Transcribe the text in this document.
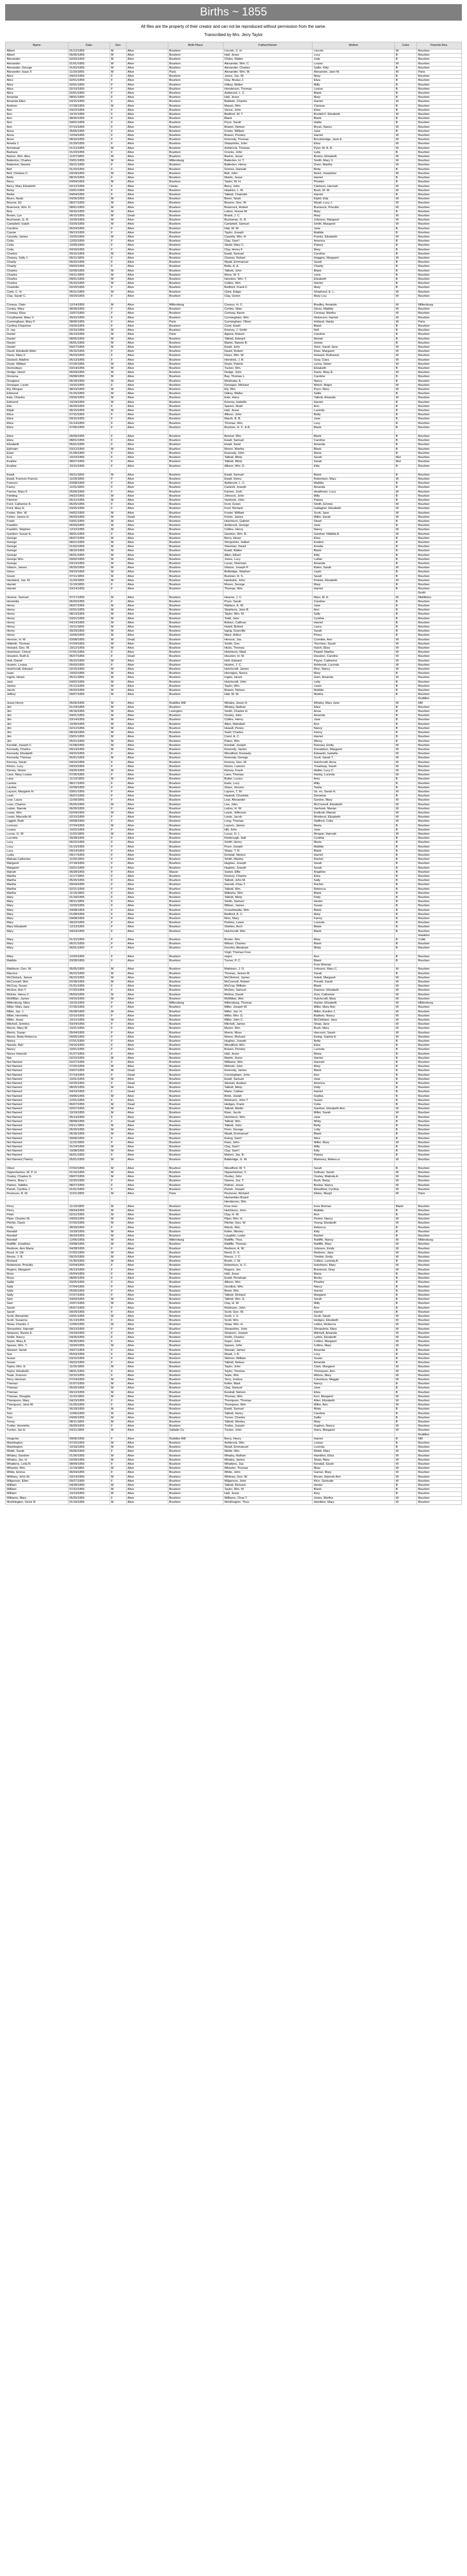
Births ~ 1855
All files are the property of their creator and can not be reproduced without permission from the same.
Transcribed by Mrs. Jerry Taylor
Name	Date	Sex		Birth Place	Father/Owner	Mother	Color	Parents Res.
Albert	01/12/1855	M	Alive	Bourbon	Lincoln, C. H.	Lincoln	W	Bourbon
Albert	05/05/1855	M	Alive	Bourbon	Hall, Jesse	Lucy	B	Bourbon
Alexander	02/03/1855	M	Alive	Bourbon	Chiles, Walter	Judy	B	Bourbon
Alexander	01/01/1855	M	Alive	Bourbon	Alexander, Wm. C.	Louise	W	Bourbon
Alexander, George	01/02/1855	M	Alive	Bourbon	Alexander, Charles	Sallie, Kitty	B	Bourbon
Alexander, Isaac F.	11/20/1855	M	Alive	Paris	Alexander, Wm. W.	Alexander, Jane M.	W	Paris
Alice	04/22/1855	F	Alive	Bourbon	Jones, Jas. W.	Mary	B	Bourbon
Alice	02/01/1855	F	Alive	Bourbon	Clay, Brutus J.	Eliza	B	Bourbon
Alice	02/01/1855	F	Alive	Bourbon	Gilkey, Walter	Milly	B	Bourbon
Alice	02/10/1855	F	Alive	Bourbon	Henderson, Thomas	Louisa	B	Bourbon
Alice	02/01/1855	F	Alive	Bourbon	Ashbrook, L. C.	Blank	B	Bourbon
Amanda	08/01/1855	F	Alive	Bourbon	Hall, Jesse	Mary	B	Bourbon
Amanda Ellen	03/15/1855	F	Alive	Bourbon	Baldwin, Charles	Harriet	W	Bourbon
Andrew	07/28/1855	M	Alive	Bourbon	Mason, Wm.	Clarissa	B	Bourbon
Ann	03/22/1855	F	Alive	Bourbon	Vance, John	Eliza	B	Bourbon
Ann	10/15/1855	F	Alive	Bourbon	Bedford, W. T.	Burdett F. Elizabeth	W	Bourbon
Ann	08/30/1855	F	Alive	Bourbon	Blank	Blank	B	Bourbon
Ann	04/01/1855	F	Alive	Bourbon	Pryor, Sarah	Hattie	B	Bourbon
Ann	07/13/1855	F	Alive	Bourbon	Bowen, Nelson	Bryan, Nancy	W	Bourbon
Anna	05/06/1855	F	Alive	Bourbon	Foster, William	Jane	B	Bourbon
Anna	12/04/1855	F	Alive	Bourbon	Bowen, Presley	Harriet	W	Bourbon
Anne	08/16/1855	F	Alive	Bourbon	Kennedy, Thomas	Brockinridge, Jane E.	W	Bourbon
Amelia J.	01/29/1855	F	Alive	Bourbon	Sharpshire, John	Eliza	W	Bourbon
Armstead	01/12/1855	M	Alive	Bourbon	Ashbrook, Thomas	Pyler, M. A. B.	W	Bourbon
Barbara	01/23/1855	F	Alive	Bourbon	Crooks, John	Lyda	B	Bourbon
Barton, Wm. Alex.	11/07/1855	M	Alive	Bourbon	Barton, Jesse	Burton, Elizabeth	W	Bourbon
Batterton, Charles	03/01/1855	M	Alive	Millersburg	Batterton, H. T.	Smith, Mary V.	W	Bourbon
Batterton, Nannie	09/21/1855	F	Alive	Bourbon	Batterton, Henry	Dunn, Martha	W	Bourbon
Bell	01/23/1855	F	Alive	Bourbon	Grimes, Hannah	Betty	B	Bourbon
Bell, Chelsea C.	03/18/1855	M	Alive	Bourbon	Bell, John	Reed, Josephine	W	Bourbon
Belle	08/15/1855	F	Alive	Bourbon	Martin, Jesse	Harriet	B	Bourbon
Berry	04/04/1855	M	Alive	Bourbon	Taylor, W. H.	Phoebe	B	Bourbon
Berry, Mary Elizabeth	02/12/1855	F	Alive	Clarke	Berry, John	Clarkson, Hannah	W	Bourbon
Betsy	03/01/1855	F	Alive	Bourbon	Hopkins, L. M.	Bush, M. W.	W	Bourbon
Bettie	04/04/1855	F	Alive	Bourbon	Talbott, Charlotte	Harriet	B	Bourbon
Biven, Noah	04/26/1855	M	Alive	Bourbon	Biven, Noah	Kiphil, Eda	W	Bourbon
Bourne, Eli	08/27/1855	M	Alive	Bourbon	Bourne, Geo. W.	Wyatt, Lucy J.	W	Bourbon
Brannock, Wm. D.	08/01/1855	M	Alive	Bourbon	Brannock, Robert	Brannock, Priscilla	W	Bourbon
Bria	09/16/1855	M	Alive	Bourbon	Letton, Hosea W.	Mary	B	Bourbon
Brown, Lyn	06/15/1855	M	Dead	Bourbon	Brand, J. C.	Mary	W	Bourbon
Buchanan, G. R.	10/29/1855	M	Alive	Bourbon	Buchanan, G. R.	Johnson, Margaret	W	Bourbon
Campbell, Isaiah	03/25/1855	M	Alive	Bourbon	Campbell, Samuel	Smith, Margaret	W	Bourbon
Caroline	06/24/1855	F	Alive	Bourbon	Hall, W. W.	Jane	B	Bourbon
Cassie	09/13/1855	F	Alive	Bourbon	Taylor, Joseph	Matilda	B	Bourbon
Cassidy, James	10/25/1855	M	Alive	Bourbon	Cassidy, Wm. H.	Franks, Elizabeth	W	Bourbon
Celia	12/02/1855	F	Alive	Bourbon	Clay, Sam'l	America	B	Bourbon
Celia	10/05/1855	F	Alive	Bourbon	Sledd, Mary C.	Patsey	B	Bourbon
Celia	04/18/1855	F	Alive	Bourbon	Clay, Henry F.	Mary	B	Bourbon
Charles	09/15/1855	M	Alive	Bourbon	Ewalt, Samuel	Caroline	B	Bourbon
Chaney, Sally J.	06/11/1855	F	Alive	Bourbon	Chaney, Robert	Hoggins, Margaret	W	Bourbon
Charity	06/02/1855	F	Alive	Bourbon	Wyatt, Emmanuel	Sarah	B	Bourbon
Charity	09/02/1855	F	Alive	Bourbon	Betts, A. A.	Charity	B	Bourbon
Charles	02/09/1855	M	Alive	Bourbon	Talbott, John	Blank	B	Bourbon
Charles	04/11/1855	M	Alive	Bourbon	Moss, W. F.	Lena	B	Bourbon
Charles	09/01/1855	M	Alive	Bourbon	Hemdon, Wm. T.	Elizabeth	B	Bourbon
Charles	05/16/1855	M	Alive	Bourbon	Collins, Wm.	Harriet	B	Bourbon
Charlotte	02/20/1855	F	Alive	Bourbon	Bedford, Frank F.	Mary	B	Bourbon
Clark, C. H.	06/21/1855	M	Alive	Bourbon	Clark, Edgar	Shepherd, E. L.	W	Bourbon
Clay, Sarah C.	09/20/1855	F	Alive	Bourbon	Clay, Green	Mary Lou	W	Bourbon

Coneys, Owin	12/14/1855	M	Alive	Millersburg	Coneys, H. C.	Bradley, Amanda	W	Millersburg
Conley, Mary	08/28/1855	F	Alive	Bourbon	Conley, Silas	Gines, Matilda	W	Bourbon
Conway, Eliza	10/07/1855	F	Alive	Bourbon	Conway, Aaron	Conway, Martha	W	Bourbon
Crouthamel, Mary V.	09/15/1855	F	Alive	Bourbon	Cunningham, Wm.	Hickerson, Harriet	W	Bourbon
Cunningham, Mary F.	08/06/1855	F	Alive	Paris	Cunningham, Oliver	Holland, Hardy	W	Paris
Cynthia Chapmon	03/26/1855	F	Alive	Bourbon	Cook, Ewell	Blank	B	Bourbon
D. org	02/16/1855	M	Alive	Bourbon	Keeney, J. Smith	Nell	B	Bourbon
Daniel	05/13/1855	M	Alive	Paris	Agnew, Robert	Caroline	B	Bourbon
Daniel	08/06/1855	M	Alive	Bourbon	Talbott, Edward	Mariah	B	Bourbon
Daniel	06/01/1855	M	Alive	Bourbon	Martin, Nannie B.	Jennie	B	Bourbon
Daniel	09/27/1855	M	Alive	Bourbon	Ewalt, John	Sims, Sarah Jane	W	Bourbon
David, Elizabeth Ellen	05/16/1855	F	Alive	Bourbon	David, Robert	Kiser, Margaret	W	Bourbon
Davis, Mary F.	05/23/1855	F	Alive	Bourbon	Davis, Wm. W.	Howard, Ruthanna	W	Bourbon
Daviezil, Adaline	05/13/1855	F	Alive	Bourbon	Hendrick, J. B.	Gray, Clara	W	Bourbon
Doyle, William	07/26/1855	M	Alive	Bourbon	Doyle, Patrick	Lyons, Helen	W	Bourbon
Dennoitayo	03/14/1855	M	Alive	Bourbon	Tucker, Wm.	Elizabeth	B	Bourbon
Dodge, Hemn	05/04/1855	M	Alive	Bourbon	Dodge, John	Davis, Mary A.	W	Bourbon
Dorsena	09/08/1855	M	Alive	Bourbon	Bay, Thomas L.	Caroline	B	Bourbon
Douglass	06/18/1855	M	Alive	Bourbon	Mclehaby, A.	Nancy	B	Bourbon
Donegan, Lizzie	10/16/1855	F	Alive	Bourbon	Donegan, Michael	Welch, Briget	W	Bourbon
Ely, Morgan	08/19/1855	M	Alive	Bourbon	Ely, Wm.	Pryor, Mary	W	Bourbon
Edmund	01/15/1855	M	Alive	Bourbon	Gilkey, Walter	Sallie	B	Bourbon
Eals, Charles	03/26/1855	M	Alive	Bourbon	Eals, Harry	Talbott, Amanda	W	Bourbon
Edmund	10/24/1855	M	Alive	Bourbon	Kenney, Isabella	Harriet	B	Bourbon
Elia	06/20/1855	F	Alive	Bourbon	Spears, Noah	Ann	B	Bourbon
Elijah	06/15/1855	M	Alive	Bourbon	Hall, Jesse	Lucinda	B	Bourbon
Eliza	07/15/1855	F	Alive	Bourbon	Allison, John	Betty	B	Bourbon
Eliza	09/15/1855	F	Alive	Bourbon	Marsh, B. B.	Jane	B	Bourbon
Eliza	01/14/1855	F	Alive	Bourbon	Thomas, Wm.	Lucy	B	Bourbon
Eliza	07/06/1855	F	Alive	Bourbon	Buckner, H. C. & B.	Blank	B	Bourbon

Eliza	06/09/1855	F	Alive	Bourbon	Bennet, Wm.	Blank	B	Bourbon
Eliza	08/01/1855	F	Alive	Bourbon	Ewalt, Samuel	Caroline	B	Bourbon
Elizabeth	05/01/1855	F	Alive	Bourbon	Ewalt, Sand	Amanda	B	Bourbon
Ephraim	03/12/1855	M	Alive	Bourbon	Moore, Martha	Blank	B	Bourbon
Ester	01/28/1855	F	Alive	Bourbon	Kennedy, John	Maria	B	Bourbon
Eva	10/23/1855	F	Alive	Bourbon	Talbott, Minty	Sarah	Mul	Bourbon
Evaline	08/07/1855	F	Alive	Bourbon	Talbott, Minty	Sarah	Mul	Bourbon
Evaline	10/16/1855	F	Alive	Bourbon	Allison, Wm. D.	Kitty	B	Bourbon

Ewalt	09/11/1855	M	Alive	Bourbon	Ewalt, Samuel	Blank	B	Bourbon
Ewalt, Frances Francis	11/09/1855	F	Alive	Bourbon	Ewalt, Henry	Robertson, Mary	W	Bourbon
Frances	03/08/1855	F	Alive	Bourbon	Ashbrook, L. C.	Matilda	B	Bourbon
Fanny	11/01/1855	F	Alive	Bourbon	Cantrell, Joseph	Amanda	B	Bourbon
Farmer, Mary F.	05/06/1855	F	Alive	Bourbon	Farmer, Josh	Heathman, Lucy	W	Bourbon
Fielding	04/22/1855	M	Alive	Bourbon	Johnson, John	Milly	B	Bourbon
Fletcher	05/12/1855	M	Alive	Bourbon	Vanhook, John	Patsey	B	Bourbon
Ford, Catherine K.	06/25/1855	F	Alive	Bourbon	Ford, Green	Smith, Emmie	W	Bourbon
Ford, Mary E.	03/25/1855	F	Alive	Bourbon	Ford, Richard	Gallagher, Elizabeth	W	Bourbon
Foster, Wm. W.	04/02/1855	M	Alive	Bourbon	Foster, William	Scott, Jane	W	Bourbon
Fisher, James H.	06/03/1855	M	Dead	Bourbon	Fisher, James	Miller, Sarah	W	Bourbon
Frank	03/01/1855	M	Alive	Bourbon	Hutchison, Gabriel	Dinah	B	Bourbon
Franklin	06/09/1855	M	Alive	Bourbon	Ashbrook, George	Jane	B	Bourbon
Franklin, Stephen	12/10/1855	M	Alive	Bourbon	Collins, Henry	Nancy	W	Bourbon
Gardner, Susan E.	08/01/1855	F	Alive	Bourbon	Gardner, Wm. B.	Gardner, Matilda A.	W	Bourbon
George	06/07/1855	M	Alive	Bourbon	Berry, Hiram	Eliza	B	Bourbon
George	08/21/1855	M	Alive	Bourbon	Shropshire, Hulbel	Evaline	B	Bourbon
George	01/02/1855	M	Alive	Bourbon	Sheehan, David	Emelia	B	Bourbon
George	08/16/1855	M	Alive	Bourbon	Ewalt, Walter	Blank	B	Bourbon
George	06/01/1855	M	Alive	Bourbon	Allen, Elbert	Kitty	B	Bourbon
George Wm.	09/02/1855	M	Alive	Bourbon	Jones, Lucy	Luther	B	Bourbon
George	03/13/1855	M	Alive	Bourbon	Lucas, Sherman	Amanda	B	Bourbon
Gibson, James	06/29/1855	M	Alive	Bourbon	Gibson, Joseph P.	Bates, Sarah	W	Bourbon
Gloss	04/19/1855	M	Alive	Bourbon	Betbridge, Stephen	Lieah	B	Bourbon
Green	07/11/1855	M	Alive	Bourbon	Buckner, R. S.	Sarah	B	Bourbon
Hardwick, Jas. M.	11/29/1855	M	Alive	Bourbon	Hardwick, John	Pointer, Elizabeth	W	Bourbon
Harriet	11/19/1855	F	Alive	Bourbon	Moore, George	Mary	B	Bourbon
Harriet	03/14/1855	F	Alive	Bourbon	Thomas, Wm.	Harriet	B	Bourbon
								North
Hearne, Samuel	07/17/1855	M	Alive	Bourbon	Hearne, J. C.	Myer, M. E.	W	Middleton
Henrietta	06/20/1855	F	Alive	Bourbon	Pryor, Sarah	Caroline	B	Bourbon
Henry	06/07/1855	M	Alive	Bourbon	Wallace, A. W.	Jane	B	Bourbon
Henry	02/01/1855	M	Alive	Bourbon	Stephens, Jane B.	Ann	B	Bourbon
Henry	08/13/1855	M	Alive	Bourbon	Taylor, Wm. M.	Sally	B	Bourbon
Henry	03/21/1855	M	Alive	Bourbon	Todd, John	Cynthia	B	Bourbon
Henry	04/14/1855	M	Alive	Bourbon	Bolson, Cathran	Harriet	B	Bourbon
Henry	10/11/1855	M	Alive	Bourbon	Hulett, Buford	Laura	B	Bourbon
Henry	09/29/1855	M	Alive	Bourbon	Isgrig, Granville	Sarah	B	Bourbon
Henry	10/05/1855	M	Alive	Bourbon	Ware, Arthur	Priscy	B	Bourbon
Henson, H. M.	03/08/1855	M	Dead	Bourbon	Henson, Jas.	Crombie, Ann	W	Bourbon
Hildreth, Thomas	07/04/1855	M	Alive	Bourbon	Smith, Geo.	Thornton, Sarah	W	Bourbon
Howard, Geo. W.	10/12/1855	M	Alive	Bourbon	Hicks, Thomas	Hutch, Eliza	W	Bourbon
Hutchison, Cheryl	07/01/1855	F	Alive	Bourbon	Hutchison, Mark	Pawell, Martha	W	Bourbon
Houston, Ruth E.	06/27/1855	F	Dead	Bourbon	Houston, H. M.	Houston, Caroline	W	Bourbon
Holt, Daniel	05/10/1855	M	Alive	Bourbon	Holt, Edward	Payne, Catherine	W	Bourbon
Huston, Louisa	05/03/1855	F	Alive	Bourbon	Huston, J. C.	Ashbrook, Lucinda	W	Bourbon
Hutchcraft, Edward	02/16/1855	M	Alive	Bourbon	Hutchcraft, James	Rice, Nancy	W	Bourbon
Isaac	10/02/1855	M	Alive	Bourbon	Hennigan, Nancy	Mary	B	Bourbon
Ingels, Hiram	05/11/1855	M	Alive	Bourbon	Ingels, Hiram	Grim, Amanda	W	Bourbon
Jack	04/02/1855	M	Alive	Bourbon	Hutchcraft, John	Letty	B	Bourbon
James	01/12/1855	M	Alive	Bourbon	Taylor, Wm.	Lizzie	B	Bourbon
Jacob	06/03/1855	M	Alive	Bourbon	Bowen, Nelson	Matilda	B	Bourbon
Jeffrey	09/07/1855	M	Alive	Bourbon	Hall, W. W.	Martha	B	Bourbon
								Ruddles
Jesse Henry	05/06/1855	M	Alive	Ruddles Mill	Whaley, Jesse H.	Whaley, Mary Jane	W	Mill
Jim	01/24/1855	M	Alive	Bourbon	Whaley, Nathan	Eliza	B	Bourbon
Jim	06/18/1855	M	Alive	Lexington	Smith, Charles H.	Anna	B	Bourbon
Jim	04/01/1855	M	Alive	Bourbon	Ousley, John	Amanda	B	Bourbon
Jim	03/14/1855	M	Alive	Bourbon	Collins, Henry	Jane	B	Bourbon
Jim	10/30/1855	M	Alive	Bourbon	Allen, Mahaliah	Ann	B	Bourbon
Jim	02/12/1855	M	Alive	Bourbon	Howell, Penny	Nancy	B	Bourbon
Jim	08/18/1855	M	Alive	Bourbon	Snell, Charles	Fanny	B	Bourbon
Jim	03/01/1855	M	Alive	Bourbon	Carol, A. C.	Harriet	B	Bourbon
Jim	05/21/1855	M	Alive	Bourbon	Paton, Wm.	Winny	B	Bourbon
Kendall, Joseph C.	01/08/1855	M	Alive	Bourbon	Kendall, Joseph	Ramsey, Emily	W	Bourbon
Kennedy, Charles	09/14/1855	M	Alive	Bourbon	Kennedy, James	Donaldson, Margaret	W	Bourbon
Kennedy, Elizabeth	04/15/1855	F	Alive	Bourbon	Woodford, Kennedy	Edwards, Isabella	W	Bourbon
Kennedy, Thomas	05/01/1855	M	Alive	Bourbon	Kennedy, George	Scott, Sarah T.	W	Bourbon
Kenney, Sarah	04/16/1855	F	Alive	Bourbon	Kenney, Geo. W.	Hutchcraft, Anna	W	Bourbon
Kimes, Lucy	04/23/1855	F	Alive	Bourbon	Kimes, Lawson	Treadway, Sarah	W	Bourbon
Kinney, Simon	04/26/1855	M	Alive	Bourbon	Kinney, Frank	Waller, Lucy C.	W	Bourbon
Lane, Mary Louisa	07/26/1855	F	Alive	Bourbon	Lane, Thomas	Hanby, Lucinda	W	Bourbon
Lane	11/13/1855	M	Alive	Bourbon	Butler, Lucius	Amy	B	Bourbon
Lavinia	08/17/1855	F	Alive	Bourbon	Earle, Lucy	Milly	B	Bourbon
Lavinia	02/28/1855	F	Alive	Bourbon	Glass, Jerome	Tasha	B	Bourbon
Layson, Margaret H.	03/01/1855	F	Alive	Bourbon	Layson, T. M.	Va. en, Sarah H.	W	Bourbon
Leah	05/07/1855	F	Alive	Bourbon	Haskett, Charlotte	Demetria	B	Bourbon
Lear, Laura	11/09/1855	F	Alive	Bourbon	Lear, Alexander	Gordon, Mary	W	Bourbon
Lean, Charles	05/25/1855	M	Alive	Bourbon	Lea, John	McConnell, Elizabeth	W	Bourbon
Letton, Nannie	06/26/1855	F	Alive	Bourbon	Letton, H. W.	Vanhook, Marian	W	Bourbon
Lewis, Wm.	02/04/1855	M	Alive	Bourbon	Lewis, Jefferson	Endicott, Mariah	W	Bourbon
Lewis, Marcella M.	02/10/1855	F	Alive	Bourbon	Lewis, Jacob	Mordecai, Elizabeth	W	Bourbon
Liggett, Ruth	09/08/1855	F	Alive	Bourbon	Long, Thomas	Stafford, Celia	W	Bourbon
Lorenzo	07/24/1855	M	Alive	Bourbon	Layson, James	Maria	B	Bourbon
Louisa	10/22/1855	F	Alive	Bourbon	Hill, John	Jane	B	Bourbon
Lucas, G. W.	11/02/1855	M	Alive	Bourbon	Lucas, G. L.	Morgan, Hannah	W	Bourbon
Lucretia	09/28/1855	F	Alive	Bourbon	Kimbrough, Hall	Cynthia	B	Bourbon
Lucy	06/22/1855	F	Alive	Bourbon	Smith, Henry	Maria	B	Bourbon
Lucy	01/19/1855	F	Alive	Bourbon	Pryor, Joseph	Matilda	B	Bourbon
Lucy	09/14/1855	F	Alive	Bourbon	Sharp, T. R.	Blank	B	Bourbon
Lydia	09/17/1855	F	Alive	Bourbon	Kendall, Nelson	Harriet	B	Bourbon
Mahala Catherine	11/02/1855	F	Alive	Bourbon	Smith, Martha	Rachel	B	Bourbon
Margaret	07/18/1855	F	Alive	Bourbon	Hughes, Joseph	Sarah	B	Bourbon
Margaret	03/21/1855	F	Alive	Bourbon	Hughes, Joseph	Sarah	B	Bourbon
Mariah	06/28/1855	F	Alive	Mason	Sweet, Effie	Angeline	B	Bourbon
Martha	11/17/1855	F	Alive	Bourbon	Kenney, Charles	Eliza	B	Bourbon
Martha	05/26/1855	F	Alive	Bourbon	Talbott, John M.	Sally	B	Bourbon
Martha	09/04/1855	F	Alive	Bourbon	Garrett, Chas T.	Rachel	B	Bourbon
Martha	02/21/1855	F	Alive	Bourbon	Talbott, Wm.	Rebecca	B	Bourbon
Martha	11/15/1855	F	Alive	Bourbon	Williams, Wm.	Blank	B	Bourbon
Mary	01/18/1855	F	Alive	Bourbon	Talbott, Minty	Patty	B	Bourbon
Mary	08/11/1855	F	Alive	Bourbon	Smith, Samuel	Hester	B	Bourbon
Mary	10/29/1855	F	Alive	Bourbon	Wilson, James	Susan	B	Bourbon
Mary	04/08/1855	F	Alive	Bourbon	Crossthwaite, Wm.	Blank	B	Bourbon
Mary	01/08/1855	F	Alive	Bourbon	Bedford, A. C.	Mary	B	Bourbon
Mary	04/08/1855	F	Alive	Bourbon	Rion, Mary	Fanny	B	Bourbon
Mary	09/22/1855	F	Alive	Bourbon	Perkins, Lewis	Lucinda	B	Bourbon
Mary Elizabeth	12/13/1855	F	Alive	Bourbon	Shelton, Arch	Blank	B	Bourbon
Mary	04/24/1855	F	Alive	Bourbon	Hutchcraft, Wm.	Blank	B	Bourbon
								Hawkins
Mary	01/15/1855	F	Alive	Bourbon	Brown, Wm.	Mary	B	Cobb
Mary	06/21/1855	F	Alive	Bourbon	Wilson, Charles	Blank	B	Bourbon
Mary	06/01/1855	F	Alive	Bourbon	Dourley, Abraham	Minty	B	Bourbon
					Virgil, Thomas Free			
Mary	12/29/1855	F	Alive	Bourbon	negro	Ann	B	Bourbon
Matilda	03/28/1855	F	Alive	Bourbon	Turner, P. C.	Blank	B	Bourbon
						Free Woman		
Mathison, Geo. W.	05/05/1855	M	Alive	Bourbon	Mathison, J. D.	Johnson, Mary C.	W	Bourbon
Maurice	06/22/1855	M	Alive	Bourbon	Thomas, James M.	Sarah	B	Bourbon
McClintock, James	06/15/1855	M	Alive	Bourbon	McClintock, James	Hulett, Margaret	W	Bourbon
McConnell, Wm.	02/28/1855	M	Alive	Bourbon	McConnell, Robert	Prewitt, Sarah	W	Bourbon
McCray, Susan	01/31/1855	F	Alive	Bourbon	McCray, William	Blank	W	Bourbon
McGee, Ann T.	07/20/1855	F	Alive	Bourbon	McGee, Samuel	Dawson, Elizabeth	W	Bourbon
McKee, Henry C.	05/03/1855	M	Alive	Bourbon	McKee, David	Zion, Catherine	W	Bourbon
McMillan, James	04/10/1855	M	Alive	Bourbon	McMillan, Wm.	Hutchcraft, Mary	W	Bourbon
Millersburg, Mary	10/16/1855	F	Alive	Millersburg	Millersburg, Thomas	Hunter, Elizabeth	W	Millersburg
Miller, Mary Jane	07/26/1855	F	Alive	Bourbon	Miller, Joseph W.	Miller, Mary Ann	W	Bourbon
Miller, Jas. J.	05/28/1855	M	Alive	Bourbon	Miller, Jas. H.	Miller, Eveline J.	W	Bourbon
Miller, Henrietta	02/10/1855	F	Alive	Bourbon	Miller, Wm. G.	Baldwin, Nancy	W	Bourbon
Miller, Jesse	10/12/1855	M	Alive	Bourbon	Miller, John C.	McClelland, Jane	W	Bourbon
Mitchell, Jemima	03/24/1855	F	Alive	Bourbon	Mitchell, James	Shaw, Jane	W	Bourbon
Moore, Mary M.	10/21/1855	F	Alive	Bourbon	Moore, Wm.	Bush, Mary	W	Bourbon
Morris, Susan	05/04/1855	F	Alive	Bourbon	Morris, Moss	Harcourt, Sarah	W	Bourbon
Moore, Betty Rebecca	09/05/1855	F	Alive	Bourbon	Moore, Richard	Ewing, Sophia E.	W	Bourbon
Nancy	07/01/1855	F	Alive	Bourbon	Hughes, Joseph	Betty	B	Bourbon
Nannie, Bell	04/16/1855	F	Alive	Bourbon	Woodford, Wm.	Eliza	B	Bourbon
Nancy	10/01/1855	F	Alive	Bourbon	Bowen, Presley	Lucinda	B	Bourbon
Nancy Hannah	01/27/1855	F	Alive	Bourbon	Hall, Jesse	Maria	B	Bourbon
Nat	02/23/1855	M	Alive	Bourbon	Martin, Jesse	Harriet	B	Bourbon
Not Named	02/27/1855	F	Alive	Bourbon	Williams, Wm.	Hannah	B	Bourbon
Not Named	07/25/1855	M	Alive	Bourbon	Wilmott, John	Mary	B	Bourbon
Not Named	03/07/1855	M	Dead	Bourbon	Kennedy, James	Blank	B	Bourbon
Not Named	07/14/1855	F	Dead	Bourbon	Cunningham, John	Ann	B	Bourbon
Not Named	10/01/1855	M	Alive	Bourbon	Ewalt, Samuel	Jane	B	Bourbon
Not Named	02/20/1855	F	Dead	Bourbon	Stewart, Ausbon	America	B	Bourbon
Not Named	08/25/1855	M	Alive	Bourbon	Talbott, Minty	Dolly	B	Bourbon
Not Named	04/19/1855	F	Dead	Bourbon	Mann, Cathan	Harriet	B	Bourbon
Not Named	04/06/1855	M	Alive	Bourbon	Brink, Josiah	Sophia	B	Bourbon
Not Named	12/01/1855	F	Alive	Bourbon	Robinson, John T.	Susan	B	Bourbon
Not Named	06/07/1855	M	Dead	Bourbon	Hedges, Frank	Celia	B	Bourbon
Not Named	02/07/1855	M	Alive	Bourbon	Talbott, Martin	Gardner, Elizabeth Ann	W	Bourbon
Not Named	10/19/1855	M	Alive	Bourbon	Kiser, Jacob	Miller, Sarah	W	Bourbon
Not Named	05/14/1855	F	Alive	Bourbon	Hutchison, Wm.	Jane	B	Bourbon
Not Named	08/08/1855	F	Dead	Bourbon	Talbott, Wm.	Minty	B	Bourbon
Not Named	03/11/1855	M	Alive	Bourbon	Talbott, John	Betty	B	Bourbon
Not Named	05/20/1855	M	Alive	Bourbon	Penn, George	Letty	B	Bourbon
Not Named	06/26/1855	M	Alive	Bourbon	Wyatt, Emmanuel	Blank	B	Bourbon
Not Named	09/06/1855	F	Alive	Bourbon	Ewing, Sam'l	Alice	B	Bourbon
Not Named	11/22/1855	F	Alive	Bourbon	Kiser, John	Miller, Mary	W	Bourbon
Not Named	01/24/1855	M	Alive	Bourbon	Clay, Sam'l	Milly	B	Bourbon
Not Named	10/08/1855	M	Alive	Bourbon	Clay, Sam'l	Kitty	B	Bourbon
Not Named	06/01/1855	F	Alive	Bourbon	Mahon, Jas. B.	Patsey	B	Bourbon
Not Named (Twins)	05/01/1855	M	Alive	Bourbon	Babbridge, G. W.	Mahoney, Rebecca	W	Bourbon

Oliver	07/02/1855	M	Alive	Bourbon	Woodford, W. T.	Sarah	B	Bourbon
Oppenheimer, W. P. H.	01/16/1855	M	Alive	Bourbon	Oppenheimer, C.	Sullivan, Sarah	W	Bourbon
Ousley, Charles G.	09/07/1855	M	Alive	Bourbon	Ousley, John	Ousley, Malinda A.	W	Bourbon
Owens, Mary L.	02/26/1855	F	Alive	Bourbon	Owens, Jos. T.	Bush, Betsy	W	Bourbon
Palmer, Tabitha	08/27/1855	F	Alive	Bourbon	Palmer, Jesse	Barlow, Nancy	W	Bourbon
Parish, Cynthia J.	01/01/1855	F	Alive	Bourbon	Parish, Joseph	Woodford, Cynthia	W	Bourbon
Peckover, R. M.	11/01/1855	M	Alive	Paris	Peckover, Richard	Elkins, Marg't	W	Paris
					Humanities Board			
					Henderson, Wm.			
Perry	11/19/1855	M	Alive	Bourbon	Free man	Free Woman	Blank	Bourbon
Perry	09/04/1855	M	Alive	Bourbon	Hutchison, John	Matilda	B	Bourbon
Peter	02/12/1855	M	Alive	Bourbon	Clay, H. W.	Ann	B	Bourbon
Piper, Charles W.	04/03/1855	M	Alive	Bourbon	Piper, Wm. H.	Parker, Nancy	W	Bourbon
Pitchie, Davis	07/20/1855	M	Alive	Bourbon	Pitchie, Geo. W.	Young, Elizabeth	W	Bourbon
Polly	08/18/1855	F	Alive	Bourbon	Marsh, Wm.	Rebecca	B	Bourbon
Randall	10/18/1855	M	Alive	Bourbon	Keller, Wesley	Kitty	B	Bourbon
Randall	06/03/1855	M	Alive	Bourbon	Laughlin, Lewis	Rachel	B	Bourbon
Randall	12/06/1855	M	Alive	Millersburg	Ratliffe, Thos.	Ratliffe, Nancy	W	Millersburg
Ratliffe, Jonathan	03/08/1855	M	Alive	Bourbon	Ratliffe, Thomas	Ratliffe, Mary	W	Bourbon
Redmon, Ann Maria	04/28/1855	F	Alive	Bourbon	Redmon, A. W.	Johnson, Emily	W	Bourbon
Reed, H. Ott	07/02/1855	M	Alive	Bourbon	Reed, D. S.	Redmon, Jane	W	Bourbon
Reese, J. B.	09/15/1855	M	Alive	Bourbon	Reese, J. C.	Trimble, Emily	W	Bourbon
Richard	01/30/1855	M	Alive	Bourbon	Booth, J. W.	Collins, Lucinda A.	B	Bourbon
Robertson, Priscilla	02/04/1855	F	Alive	Bourbon	Robertson, H. C.	Hutchison, Mary	W	Bourbon
Rogers, Margaret	05/13/1855	F	Alive	Bourbon	Rogers, Jos.	Brannock, Gray	W	Bourbon
Rose	06/04/1855	F	Alive	Bourbon	Hall, Jesse	Maria	B	Bourbon
Rosa	08/05/1855	F	Alive	Bourbon	Ewalt, Penelope	Becky	B	Bourbon
Sallie	03/25/1855	F	Alive	Bourbon	Allison, Wm.	Phoebe	B	Bourbon
Sally	07/04/1855	F	Alive	Bourbon	Goodloe, Wm.	Nancy	B	Bourbon
Sally	05/06/1855	F	Alive	Bourbon	Brent, Wm.	Harriet	B	Bourbon
Sally	07/27/1855	F	Alive	Bourbon	Talbott, Richard	Margaret	B	Bourbon
Sam	04/04/1855	M	Alive	Bourbon	Talbott, Wm. G.	Sarah	B	Bourbon
Sam	10/07/1855	M	Alive	Bourbon	Clay, H. W.	Milly	B	Bourbon
Sarah	05/07/1855	F	Alive	Bourbon	Robinson, John	Ann	B	Bourbon
Sarah	09/29/1855	F	Alive	Bourbon	Scott, Geo. W.	Harriet	B	Bourbon
Scott, Alexander	03/01/1855	M	Alive	Bourbon	Scott, J. S.	Scott, Sarah	W	Bourbon
Scott, Susanna	01/13/1855	F	Alive	Bourbon	Scott, Wm.	Hedges, Elizabeth	W	Bourbon
Shaw, Charles J.	12/06/1855	M	Alive	Bourbon	Shaw, Wm. H.	Letton, Rebecca	W	Bourbon
Shropshire, Hannah	09/13/1855	F	Alive	Bourbon	Shropshire, John	Shropshire, Mary	W	Bourbon
Simpson, Nanne E.	03/18/1855	F	Alive	Bourbon	Simpson, Joseph	Mitchell, Amanda	W	Bourbon
Smith, Nancy	04/26/1855	F	Alive	Bourbon	Smith, Charles	Lydick, Elizabeth	W	Bourbon
Soper, Mary A.	06/30/1855	F	Alive	Bourbon	Soper, John	Collins, Margaret	W	Bourbon
Spears, Wm. T.	10/29/1855	M	Alive	Bourbon	Spears, John	Collins, Mary	W	Bourbon
Stewart, Sarah	04/27/1855	F	Alive	Bourbon	Stewart, James	Amanda	B	Bourbon
Sue	05/03/1855	F	Alive	Bourbon	Wyatt, J. B.	Lucy	B	Bourbon
Susan	03/15/1855	F	Alive	Bourbon	Skinner, William	Susan	B	Bourbon
Susan	09/22/1855	F	Alive	Bourbon	Talbott, Nelson	Amanda	B	Bourbon
Taylor, Wm. E.	11/25/1855	M	Alive	Bourbon	Taylor, John	Clark, Margaret	W	Bourbon
Taylor, Elizabeth	08/01/1855	F	Alive	Bourbon	Taylor, Thomas	Thompson, Ann	W	Bourbon
Teale, Frances	02/10/1855	F	Alive	Bourbon	Teale, Wm.	Wilson, Mary	W	Bourbon
Terry, Herman	07/24/1855	M	Alive	Bourbon	Terry, Joshua	Columbus, Maggie	W	Bourbon
Thomas	01/07/1855	M	Alive	Bourbon	Keller, Mark	Nancy	B	Bourbon
Thomas	05/20/1855	M	Alive	Bourbon	Clay, Samuel	Jane	B	Bourbon
Thomas	09/12/1855	M	Alive	Bourbon	Kendall, Nelson	Eliza	B	Bourbon
Thomas, Douglas	11/22/1855	M	Alive	Bourbon	Thomas, Wm.	Kerr, Margaret	W	Bourbon
Thompson, Mary	04/19/1855	F	Alive	Bourbon	Thompson, Thomas	Allen, Elizabeth	W	Bourbon
Thompson, Jane W.	01/25/1855	F	Alive	Bourbon	Thompson, Wm.	Miller, Ann	W	Bourbon
Tim	06/18/1855	M	Alive	Bourbon	Ewalt, Samuel	Minty	B	Bourbon
Tom	12/06/1855	M	Alive	Bourbon	Talbott, Henry	Caroline	B	Bourbon
Tom	04/06/1855	M	Alive	Bourbon	Turner, Charles	Sallie	B	Bourbon
Toney	08/11/1855	M	Alive	Bourbon	Talbott, Wesley	Mary	B	Bourbon
Trotter, Henrietta	06/09/1855	F	Alive	Bourbon	Trotter, Joseph	Hughes, Nancy	W	Bourbon
Tucker, Jas H.	03/11/1855	M	Alive	Galiatin Co	Tucker, John	Harry, Margaret	W	Bourbon
								Ruddles
Vergenia	09/06/1855	F	Alive	Ruddles Mill	Berry, Henry	Harriet	B	Mill
Washington	07/15/1855	M	Alive	Bourbon	Ashbrook, Wm.	Louisa	B	Bourbon
Washington	10/18/1855	M	Alive	Bourbon	Wyatt, Emmanuel	Lucinda	B	Bourbon
Webb, Sarah	05/06/1855	F	Alive	Bourbon	Webb, Wm.	Webb, Mary	W	Bourbon
Whaley, Gardner	01/30/1855	M	Alive	Bourbon	Whaley, Nathan	Hamilton, Eliza	W	Bourbon
Whaley, Jas. H.	02/09/1855	M	Alive	Bourbon	Whaley, James	Shaw, Mary	W	Bourbon
Whaltens, Leila R.	08/09/1855	F	Alive	Bourbon	Whaltens, Jas.	Kendall, Sarah	W	Bourbon
Wheeler, Wm.	11/19/1855	M	Alive	Bourbon	Wheeler, Thomas	Mary	W	Bourbon
White, Emma	06/04/1855	F	Alive	Bourbon	White, John	Garner, Mary	W	Bourbon
Whitney, John W.	03/14/1855	M	Alive	Bourbon	Whitney, Geo. W.	Brown, Hannah Ann	W	Bourbon
Wilgerson, Ellen	09/27/1855	F	Alive	Bourbon	Wilgerson, John	Rice, Gertrude	W	Bourbon
William	04/28/1855	M	Alive	Bourbon	Talbott, Richard	Hester	B	Bourbon
William	07/22/1855	M	Alive	Bourbon	Taylor, Wm. M.	Blank	B	Bourbon
William	10/14/1855	M	Alive	Bourbon	Hall, Jesse	Amy	B	Bourbon
Williams, Mary	05/25/1855	F	Alive	Bourbon	Williams, Chas T.	Jones, Martha	W	Bourbon
Worthington, Victor R.	01/18/1855	M	Alive	Bourbon	Worthington, Thos.	Hamilton, Mary	W	Bourbon
